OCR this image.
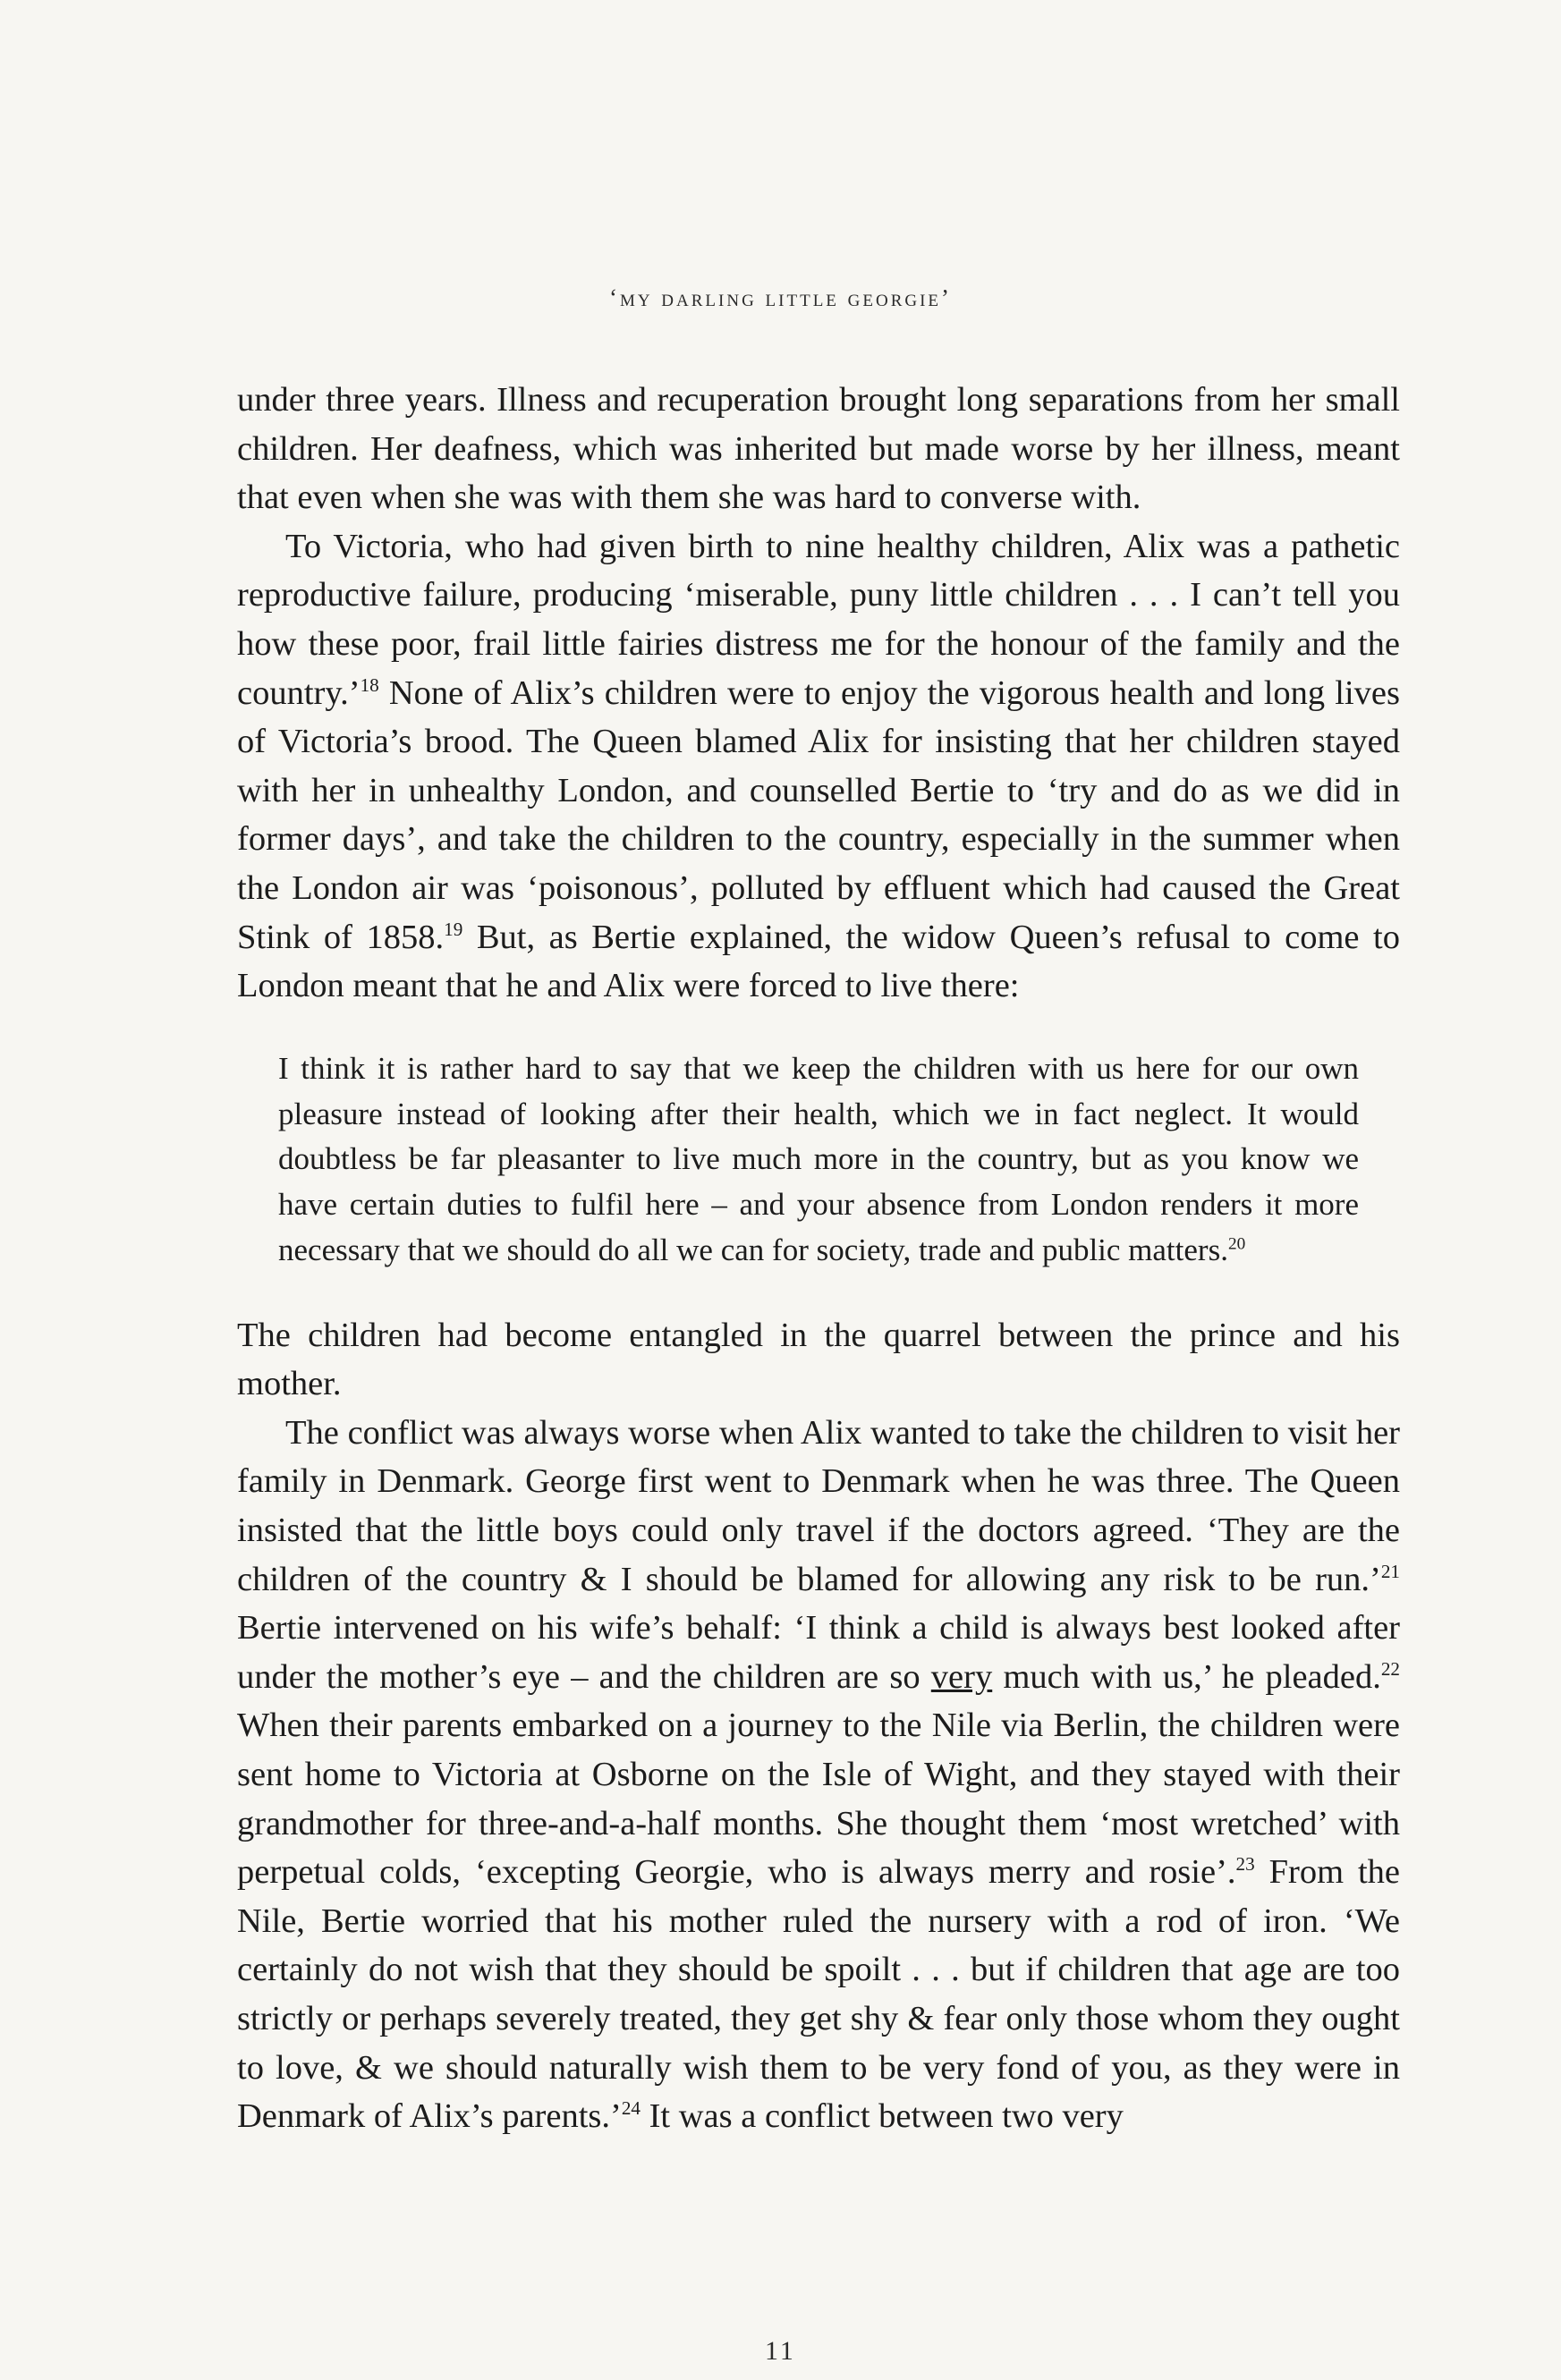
‘my darling little georgie’

under three years. Illness and recuperation brought long separations from her small children. Her deafness, which was inherited but made worse by her illness, meant that even when she was with them she was hard to converse with.

To Victoria, who had given birth to nine healthy children, Alix was a pathetic reproductive failure, producing ‘miserable, puny little children . . . I can’t tell you how these poor, frail little fairies distress me for the honour of the family and the country.’$^{18}$ None of Alix’s children were to enjoy the vigorous health and long lives of Victoria’s brood. The Queen blamed Alix for insisting that her children stayed with her in unhealthy London, and counselled Bertie to ‘try and do as we did in former days’, and take the children to the country, especially in the summer when the London air was ‘poisonous’, polluted by effluent which had caused the Great Stink of 1858.19 But, as Bertie explained, the widow Queen’s refusal to come to London meant that he and Alix were forced to live there:

I think it is rather hard to say that we keep the children with us here for our own pleasure instead of looking after their health, which we in fact neglect. It would doubtless be far pleasanter to live much more in the country, but as you know we have certain duties to fulfil here – and your absence from London renders it more necessary that we should do all we can for society, trade and public matters.$^{20}$

The children had become entangled in the quarrel between the prince and his mother.

The conflict was always worse when Alix wanted to take the children to visit her family in Denmark. George first went to Denmark when he was three. The Queen insisted that the little boys could only travel if the doctors agreed. ‘They are the children of the country & I should be blamed for allowing any risk to be run.’$^{21}$ Bertie intervened on his wife’s behalf: ‘I think a child is always best looked after under the mother’s eye – and the children are so very much with us,’ he pleaded.$^{22}$ When their parents embarked on a journey to the Nile via Berlin, the children were sent home to Victoria at Osborne on the Isle of Wight, and they stayed with their grandmother for three-and-a-half months. She thought them ‘most wretched’ with perpetual colds, ‘excepting Georgie, who is always merry and rosie’.$^{23}$ From the Nile, Bertie worried that his mother ruled the nursery with a rod of iron. ‘We certainly do not wish that they should be spoilt . . . but if children that age are too strictly or perhaps severely treated, they get shy & fear only those whom they ought to love, & we should naturally wish them to be very fond of you, as they were in Denmark of Alix’s parents.’$^{24}$ It was a conflict between two very

11
